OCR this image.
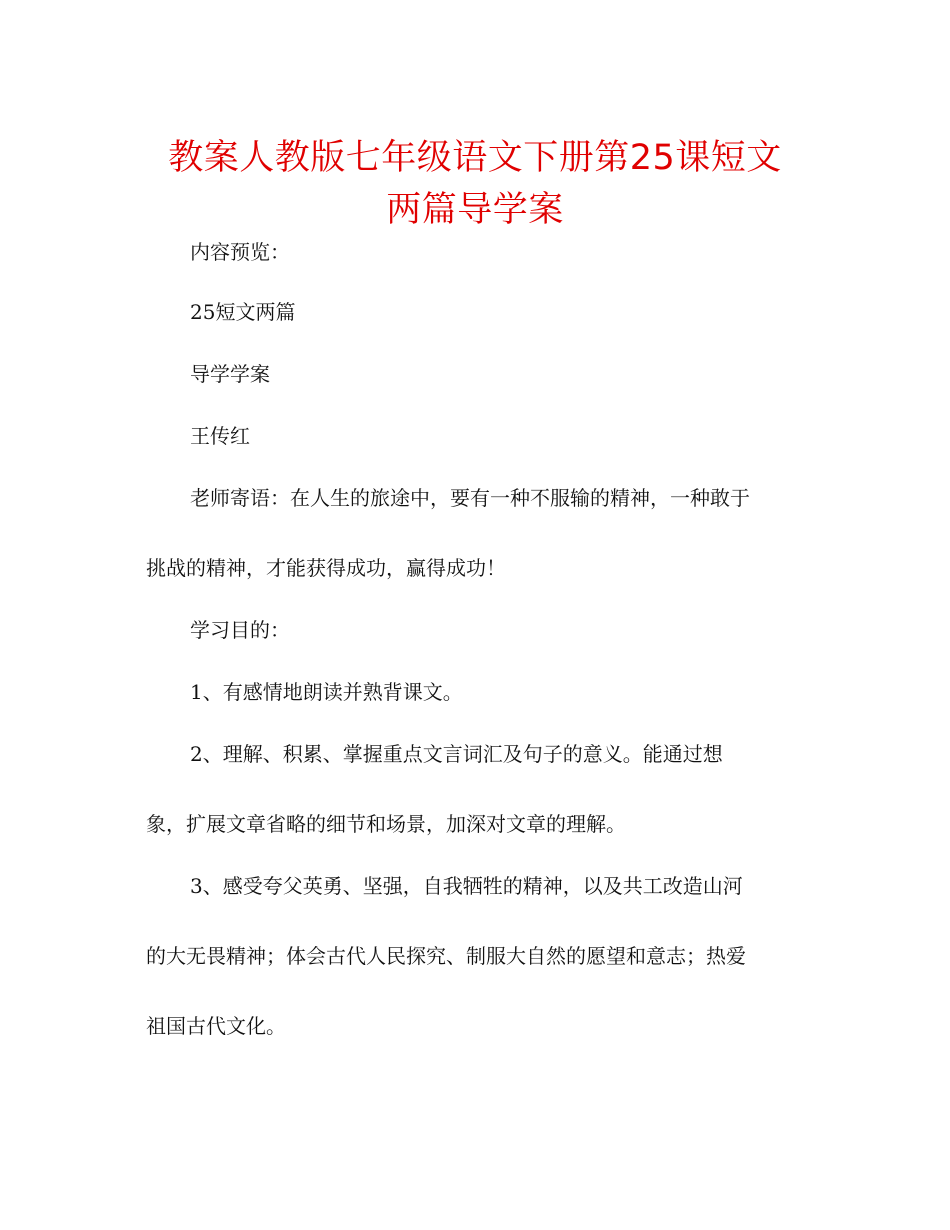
教案人教版七年级语文下册第25课短文
两篇导学案
内容预览：
25短文两篇
导学学案
王传红
老师寄语：在人生的旅途中，要有一种不服输的精神，一种敢于
挑战的精神，才能获得成功，赢得成功！
学习目的：
1、有感情地朗读并熟背课文。
2、理解、积累、掌握重点文言词汇及句子的意义。能通过想
象，扩展文章省略的细节和场景，加深对文章的理解。
3、感受夸父英勇、坚强，自我牺牲的精神，以及共工改造山河
的大无畏精神；体会古代人民探究、制服大自然的愿望和意志；热爱
祖国古代文化。
